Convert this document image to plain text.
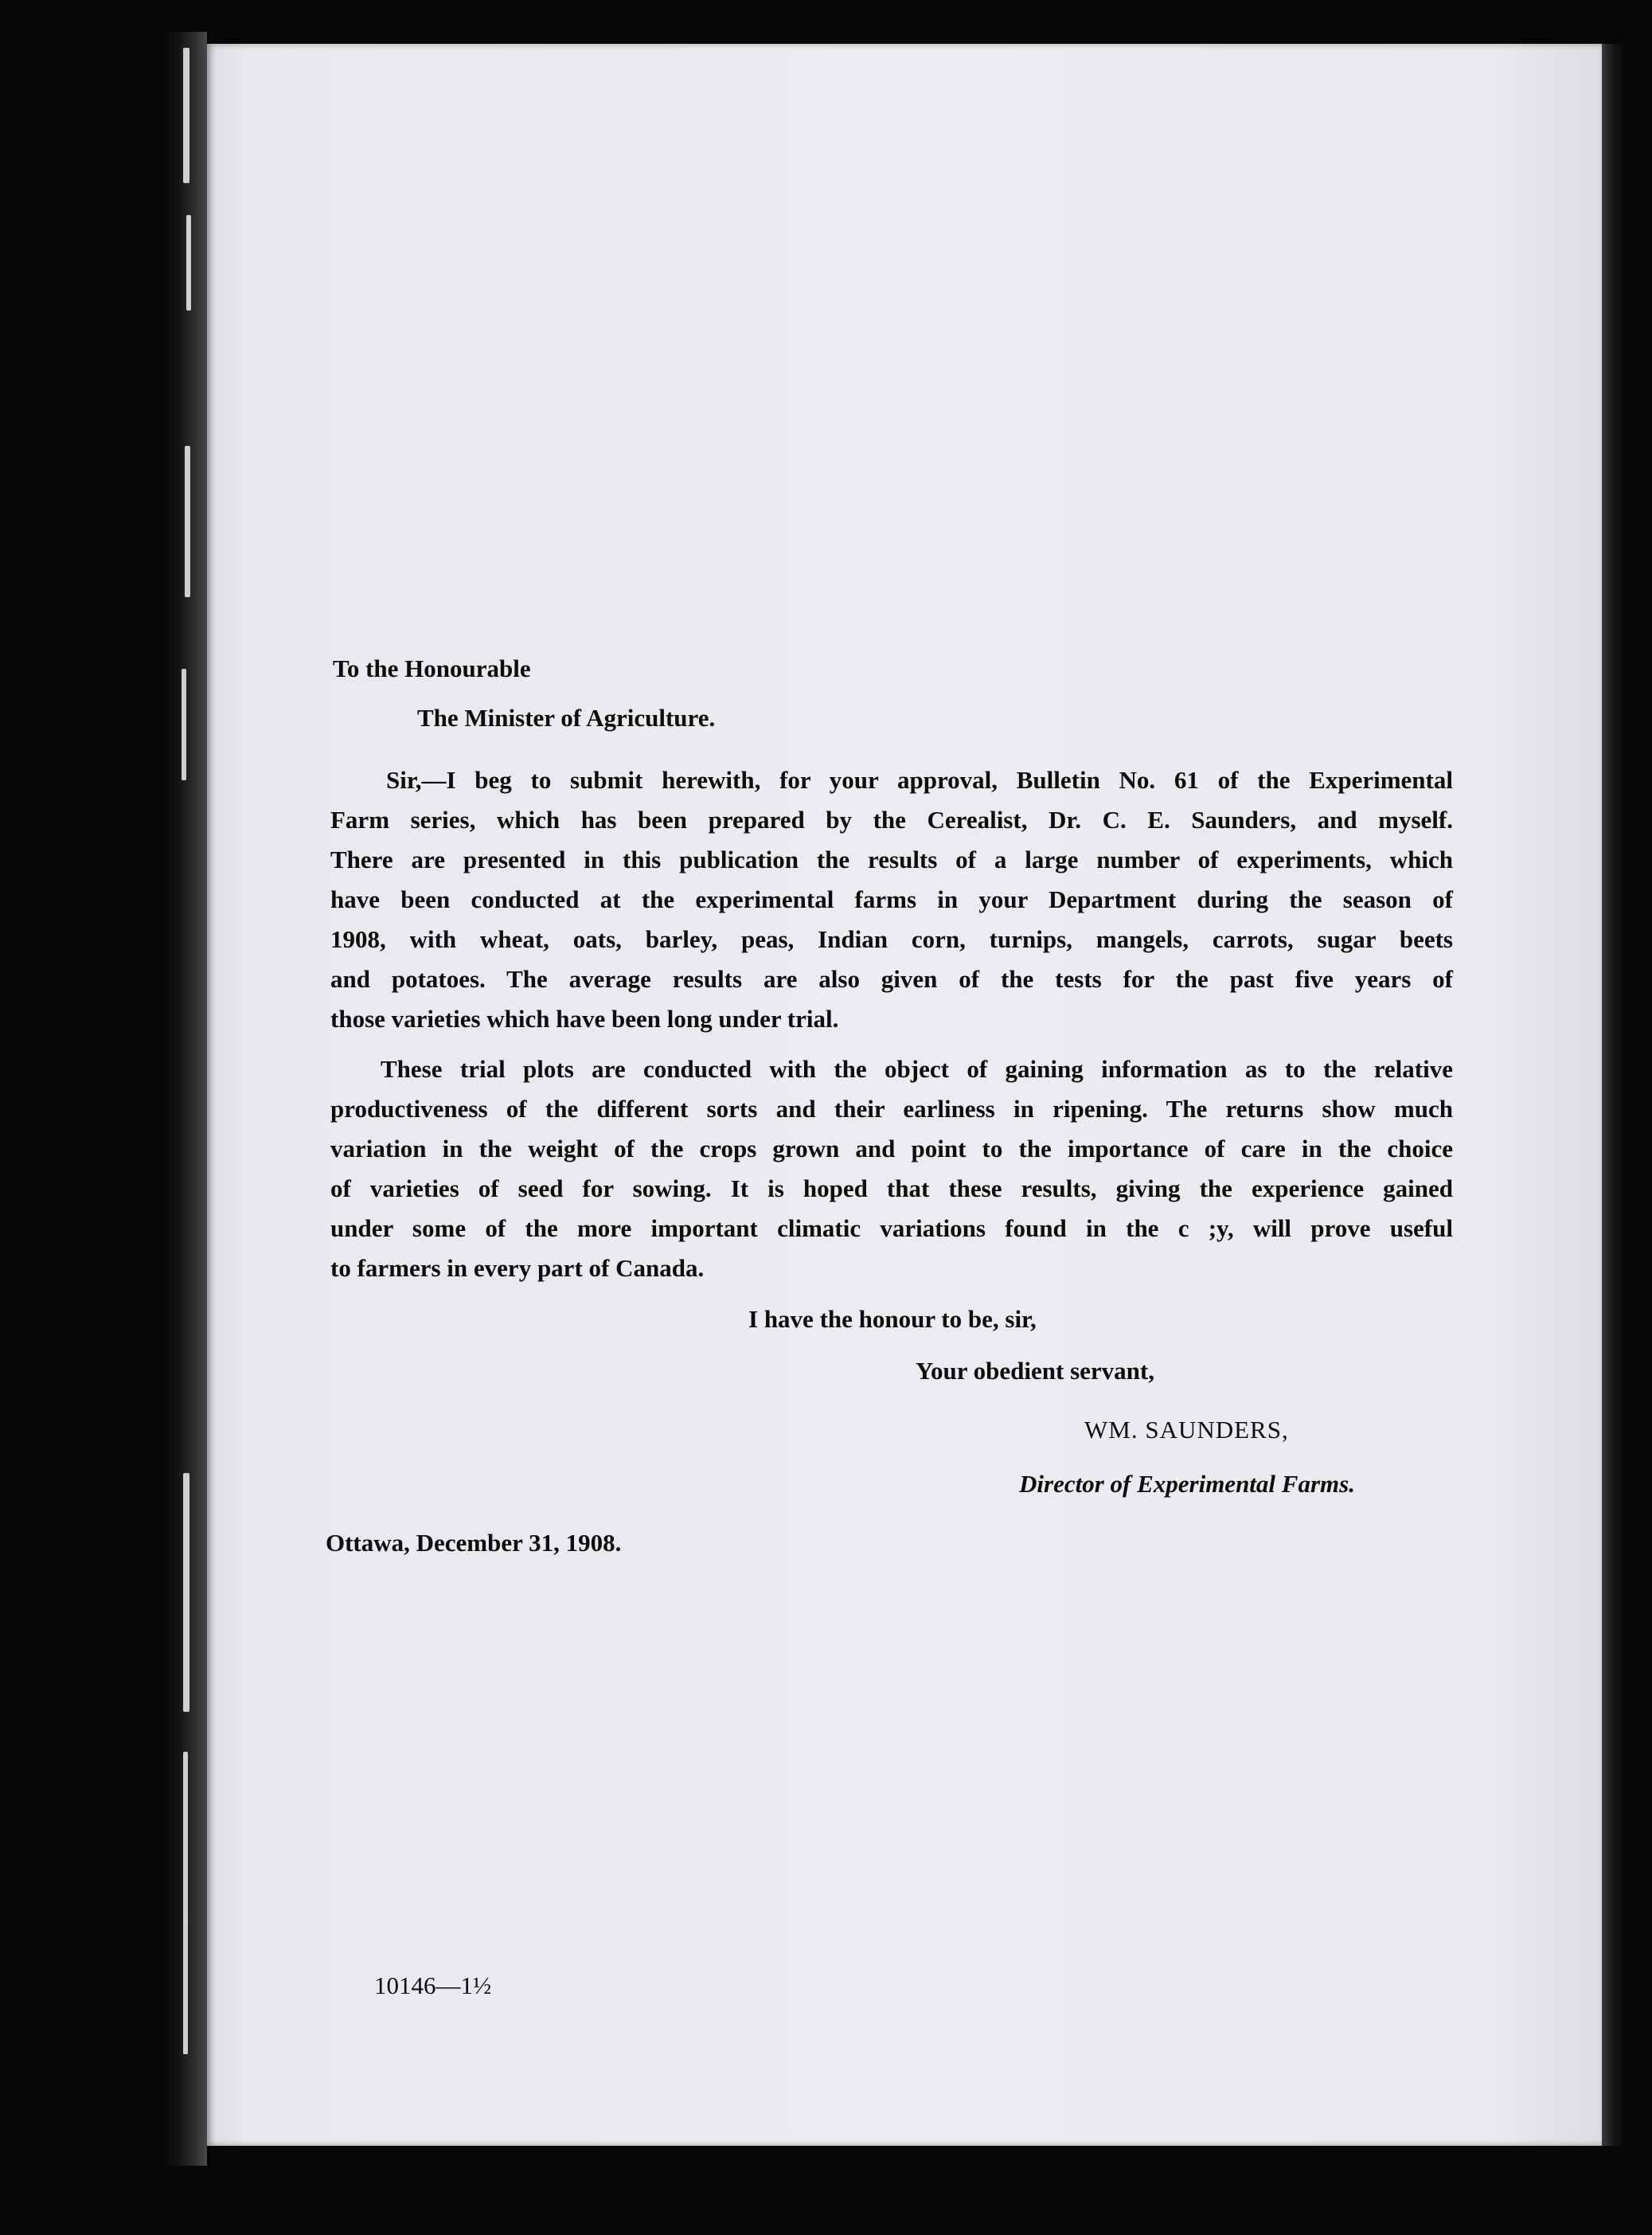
To the Honourable
The Minister of Agriculture.
Sir,—I beg to submit herewith, for your approval, Bulletin No. 61 of the Experimental
Farm series, which has been prepared by the Cerealist, Dr. C. E. Saunders, and myself.
There are presented in this publication the results of a large number of experiments, which
have been conducted at the experimental farms in your Department during the season of
1908, with wheat, oats, barley, peas, Indian corn, turnips, mangels, carrots, sugar beets
and potatoes. The average results are also given of the tests for the past five years of
those varieties which have been long under trial.
These trial plots are conducted with the object of gaining information as to the relative
productiveness of the different sorts and their earliness in ripening. The returns show much
variation in the weight of the crops grown and point to the importance of care in the choice
of varieties of seed for sowing. It is hoped that these results, giving the experience gained
under some of the more important climatic variations found in the c ;y, will prove useful
to farmers in every part of Canada.
I have the honour to be, sir,
Your obedient servant,
WM. SAUNDERS,
Director of Experimental Farms.
Ottawa, December 31, 1908.
10146—1½
